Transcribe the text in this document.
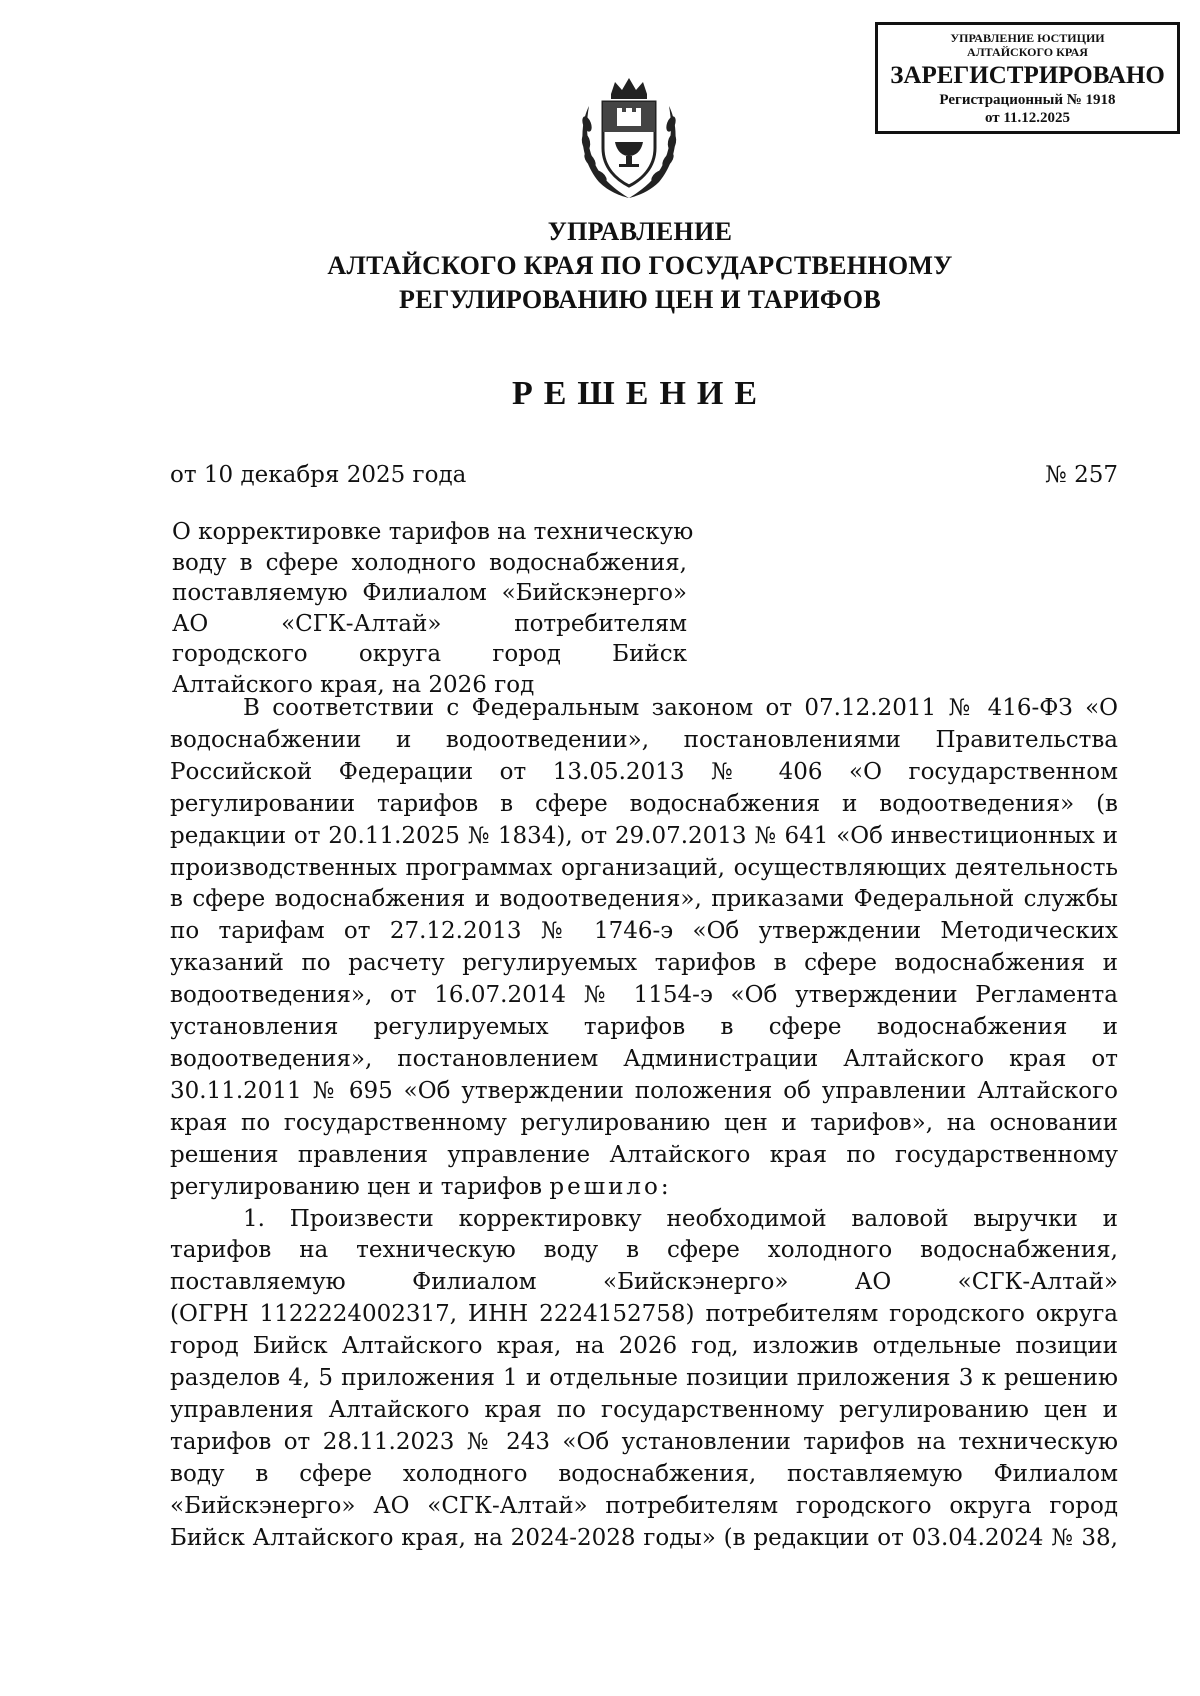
УПРАВЛЕНИЕ ЮСТИЦИИ
АЛТАЙСКОГО КРАЯ
ЗАРЕГИСТРИРОВАНО
Регистрационный № 1918
от 11.12.2025
УПРАВЛЕНИЕ
АЛТАЙСКОГО КРАЯ ПО ГОСУДАРСТВЕННОМУ
РЕГУЛИРОВАНИЮ ЦЕН И ТАРИФОВ
РЕШЕНИЕ
от 10 декабря 2025 года	№ 257
О корректировке тарифов на техническую
воду в сфере холодного водоснабжения,
поставляемую Филиалом «Бийскэнерго»
АО «СГК-Алтай» потребителям
городского округа город Бийск
Алтайского края, на 2026 год
В соответствии с Федеральным законом от 07.12.2011 № 416-ФЗ «О
водоснабжении и водоотведении», постановлениями Правительства
Российской Федерации от 13.05.2013 № 406 «О государственном
регулировании тарифов в сфере водоснабжения и водоотведения» (в
редакции от 20.11.2025 № 1834), от 29.07.2013 № 641 «Об инвестиционных и
производственных программах организаций, осуществляющих деятельность
в сфере водоснабжения и водоотведения», приказами Федеральной службы
по тарифам от 27.12.2013 № 1746-э «Об утверждении Методических
указаний по расчету регулируемых тарифов в сфере водоснабжения и
водоотведения», от 16.07.2014 № 1154-э «Об утверждении Регламента
установления регулируемых тарифов в сфере водоснабжения и
водоотведения», постановлением Администрации Алтайского края от
30.11.2011 № 695 «Об утверждении положения об управлении Алтайского
края по государственному регулированию цен и тарифов», на основании
решения правления управление Алтайского края по государственному
регулированию цен и тарифов решило:
1. Произвести корректировку необходимой валовой выручки и
тарифов на техническую воду в сфере холодного водоснабжения,
поставляемую Филиалом «Бийскэнерго» АО «СГК-Алтай»
(ОГРН 1122224002317, ИНН 2224152758) потребителям городского округа
город Бийск Алтайского края, на 2026 год, изложив отдельные позиции
разделов 4, 5 приложения 1 и отдельные позиции приложения 3 к решению
управления Алтайского края по государственному регулированию цен и
тарифов от 28.11.2023 № 243 «Об установлении тарифов на техническую
воду в сфере холодного водоснабжения, поставляемую Филиалом
«Бийскэнерго» АО «СГК-Алтай» потребителям городского округа город
Бийск Алтайского края, на 2024-2028 годы» (в редакции от 03.04.2024 № 38,
